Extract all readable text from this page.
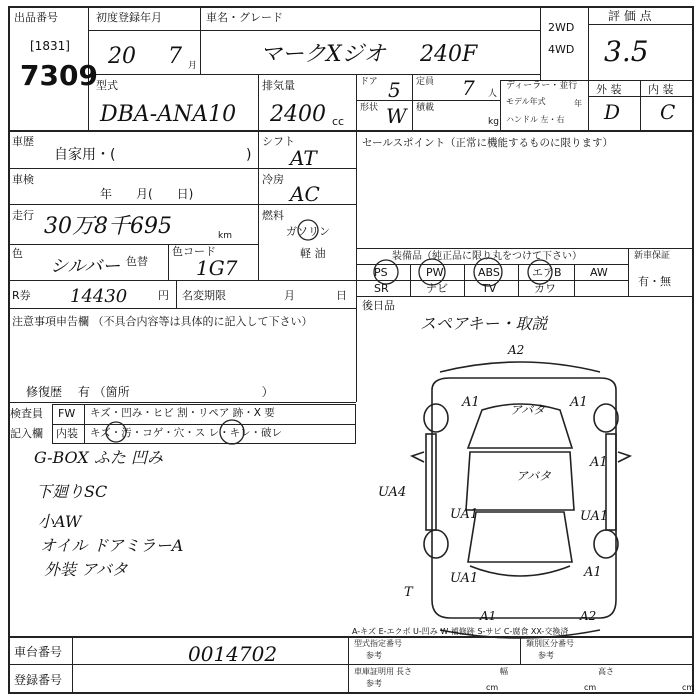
出品番号
[1831]
7309
初度登録年月
20 7 月
車名・グレード
マークXジオ 240F
2WD
4WD
評 価 点
3.5
型式
DBA-ANA10
排気量
2400 cc
ドア 5 定員 7 人
形状 W 積載
kg
ディーラー・並行
モデル年式	年
ハンドル 左・右
外 装 内 装
D C
車歴
自家用・(	)
シフト
AT
車検
年　　月(　　日)
冷房
AC
走行 30万8千695	km
燃料
ガソリン
軽 油
色
シルバー 色替
色コード
1G7
R券 14430	円 名変期限	月	日
セールスポイント（正常に機能するものに限ります）
装備品（純正品に限り丸をつけて下さい）	新車保証
有・無
PS	PW	ABS	エアB	AW
SR	ナビ	TV	カワ
後日品
スペアキー・取説
注意事項申告欄 （不具合内容等は具体的に記入して下さい）
修復歴　 有 （箇所　　　　　　　　　　　）
検査員
記入欄
FW キズ・凹み・ヒビ 割・リペア 跡・X 要
内装 キズ・汚・コゲ・穴・ス レ・キレ・破レ
G-BOX ふた 凹み
下廻りSC
小AW
オイル ドアミラーA
外装 アバタ
A2
A1	アバタ A1
UA4
アバタ
A1
UA1	UA1
UA1	A1
A1	A2
T
A-キズ E-エクボ U-凹み W-補修跡 S-サビ C-腐食 XX-交換済
車台番号	0014702
登録番号
型式指定番号
参考
類別区分番号
参考
車庫証明用
参考
長さ
cm
幅
cm
高さ
cm
